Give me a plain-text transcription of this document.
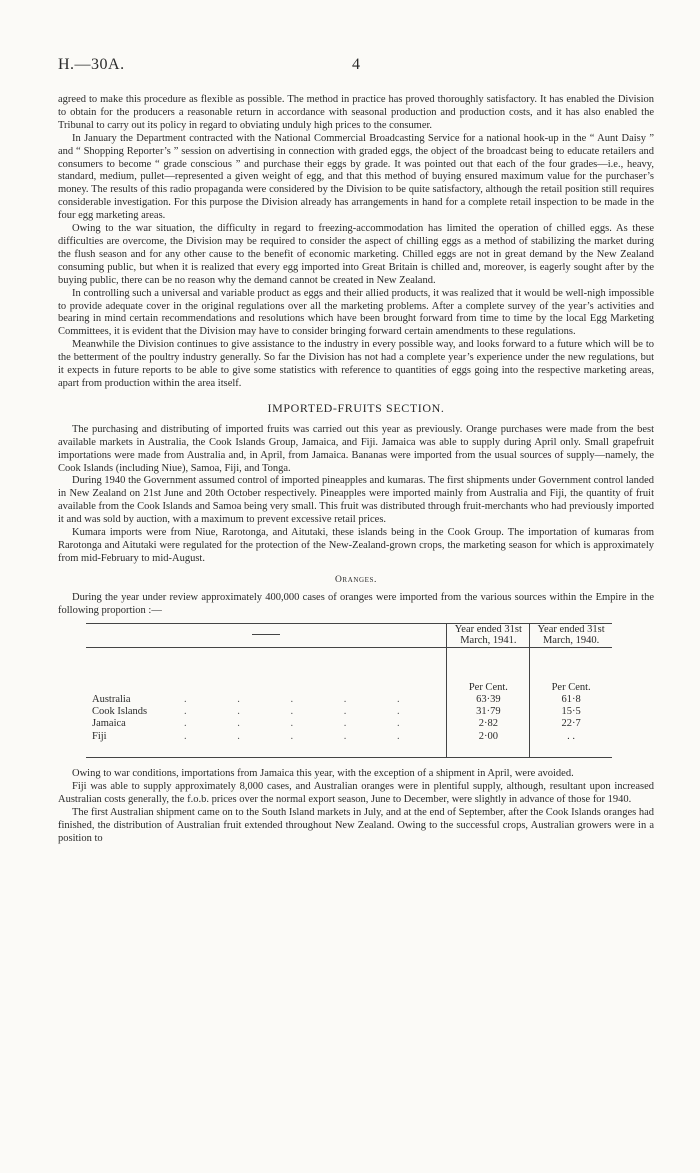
H.—30A.	4

agreed to make this procedure as flexible as possible. The method in practice has proved thoroughly satisfactory. It has enabled the Division to obtain for the producers a reasonable return in accordance with seasonal production and production costs, and it has also enabled the Tribunal to carry out its policy in regard to obviating unduly high prices to the consumer.

In January the Department contracted with the National Commercial Broadcasting Service for a national hook-up in the “ Aunt Daisy ” and “ Shopping Reporter’s ” session on advertising in connection with graded eggs, the object of the broadcast being to educate retailers and consumers to become “ grade conscious ” and purchase their eggs by grade. It was pointed out that each of the four grades—i.e., heavy, standard, medium, pullet—represented a given weight of egg, and that this method of buying ensured maximum value for the purchaser’s money. The results of this radio propaganda were considered by the Division to be quite satisfactory, although the retail position still requires considerable investigation. For this purpose the Division already has arrangements in hand for a complete retail inspection to be made in the four egg marketing areas.

Owing to the war situation, the difficulty in regard to freezing-accommodation has limited the operation of chilled eggs. As these difficulties are overcome, the Division may be required to consider the aspect of chilling eggs as a method of stabilizing the market during the flush season and for any other cause to the benefit of economic marketing. Chilled eggs are not in great demand by the New Zealand consuming public, but when it is realized that every egg imported into Great Britain is chilled and, moreover, is eagerly sought after by the buying public, there can be no reason why the demand cannot be created in New Zealand.

In controlling such a universal and variable product as eggs and their allied products, it was realized that it would be well-nigh impossible to provide adequate cover in the original regulations over all the marketing problems. After a complete survey of the year’s activities and bearing in mind certain recommendations and resolutions which have been brought forward from time to time by the local Egg Marketing Committees, it is evident that the Division may have to consider bringing forward certain amendments to these regulations.

Meanwhile the Division continues to give assistance to the industry in every possible way, and looks forward to a future which will be to the betterment of the poultry industry generally. So far the Division has not had a complete year’s experience under the new regulations, but it expects in future reports to be able to give some statistics with reference to quantities of eggs going into the respective marketing areas, apart from production within the area itself.

IMPORTED-FRUITS SECTION.

The purchasing and distributing of imported fruits was carried out this year as previously. Orange purchases were made from the best available markets in Australia, the Cook Islands Group, Jamaica, and Fiji. Jamaica was able to supply during April only. Small grapefruit importations were made from Australia and, in April, from Jamaica. Bananas were imported from the usual sources of supply—namely, the Cook Islands (including Niue), Samoa, Fiji, and Tonga.

During 1940 the Government assumed control of imported pineapples and kumaras. The first shipments under Government control landed in New Zealand on 21st June and 20th October respectively. Pineapples were imported mainly from Australia and Fiji, the quantity of fruit available from the Cook Islands and Samoa being very small. This fruit was distributed through fruit-merchants who had previously imported it and was sold by auction, with a maximum to prevent excessive retail prices.

Kumara imports were from Niue, Rarotonga, and Aitutaki, these islands being in the Cook Group. The importation of kumaras from Rarotonga and Aitutaki were regulated for the protection of the New-Zealand-grown crops, the marketing season for which is approximately from mid-February to mid-August.

Oranges.

During the year under review approximately 400,000 cases of oranges were imported from the various sources within the Empire in the following proportion :—

	Year ended 31st March, 1941.	Year ended 31st March, 1940.

	Per Cent.	Per Cent.
Australia . . . . .	63·39	61·8
Cook Islands . . . . .	31·79	15·5
Jamaica . . . . .	2·82	22·7
Fiji . . . . .	2·00	. .

Owing to war conditions, importations from Jamaica this year, with the exception of a shipment in April, were avoided.

Fiji was able to supply approximately 8,000 cases, and Australian oranges were in plentiful supply, although, resultant upon increased Australian costs generally, the f.o.b. prices over the normal export season, June to December, were slightly in advance of those for 1940.

The first Australian shipment came on to the South Island markets in July, and at the end of September, after the Cook Islands oranges had finished, the distribution of Australian fruit extended throughout New Zealand. Owing to the successful crops, Australian growers were in a position to
